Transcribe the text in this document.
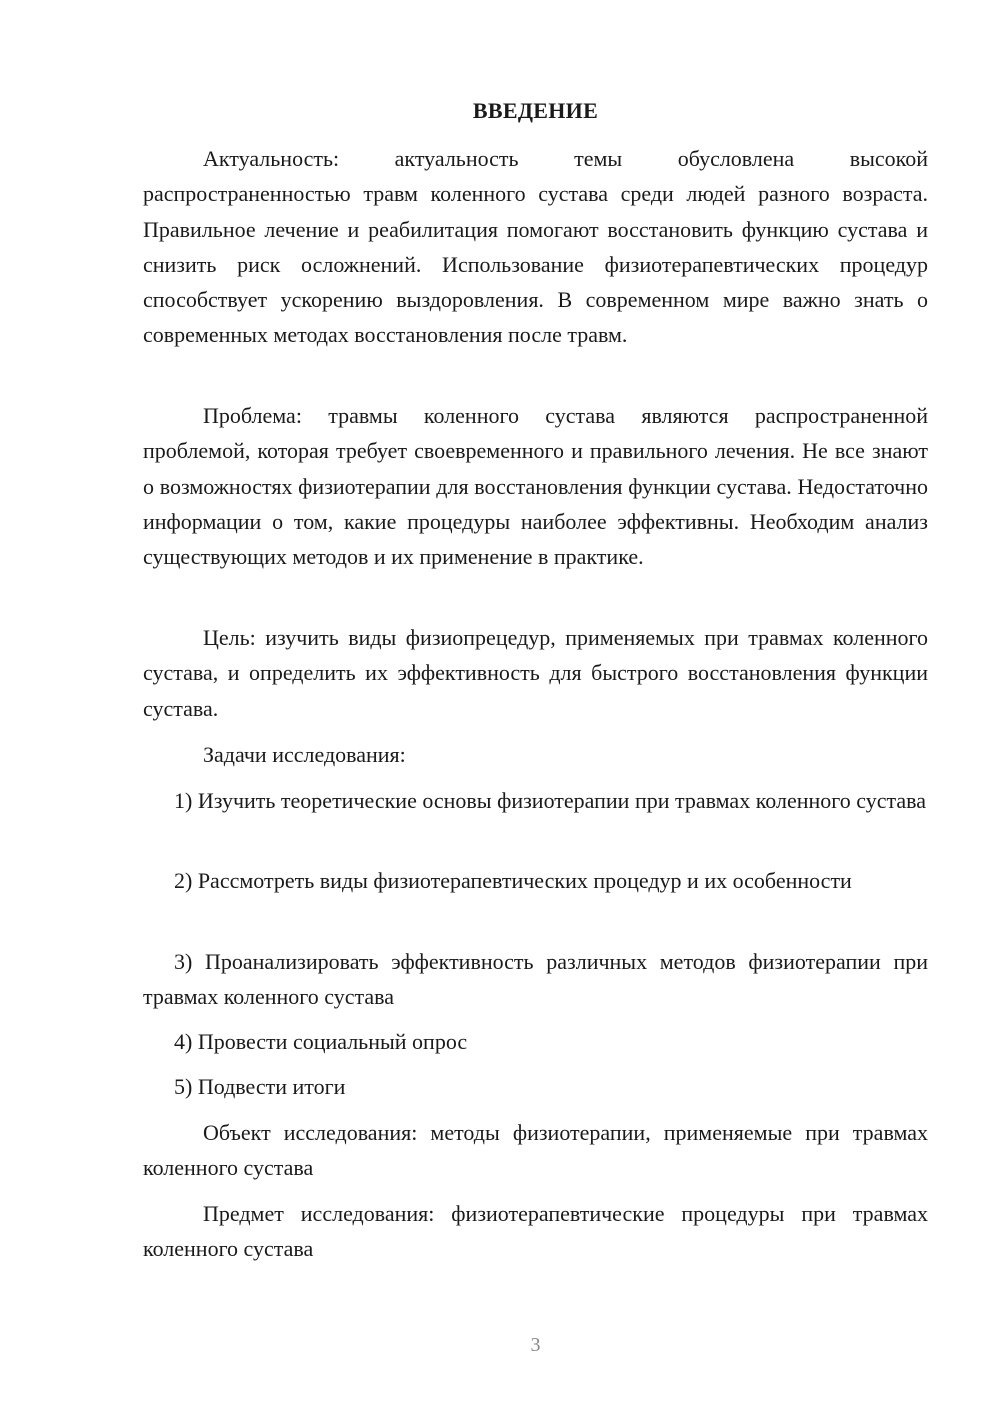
ВВЕДЕНИЕ

Актуальность: актуальность темы обусловлена высокой распространенностью травм коленного сустава среди людей разного возраста. Правильное лечение и реабилитация помогают восстановить функцию сустава и снизить риск осложнений. Использование физиотерапевтических процедур способствует ускорению выздоровления. В современном мире важно знать о современных методах восстановления после травм.

Проблема: травмы коленного сустава являются распространенной проблемой, которая требует своевременного и правильного лечения. Не все знают о возможностях физиотерапии для восстановления функции сустава. Недостаточно информации о том, какие процедуры наиболее эффективны. Необходим анализ существующих методов и их применение в практике.

Цель: изучить виды физиопрецедур, применяемых при травмах коленного сустава, и определить их эффективность для быстрого восстановления функции сустава.

Задачи исследования:

1) Изучить теоретические основы физиотерапии при травмах коленного сустава

2) Рассмотреть виды физиотерапевтических процедур и их особенности

3) Проанализировать эффективность различных методов физиотерапии при травмах коленного сустава

4) Провести социальный опрос

5) Подвести итоги

Объект исследования: методы физиотерапии, применяемые при травмах коленного сустава

Предмет исследования: физиотерапевтические процедуры при травмах коленного сустава

3
